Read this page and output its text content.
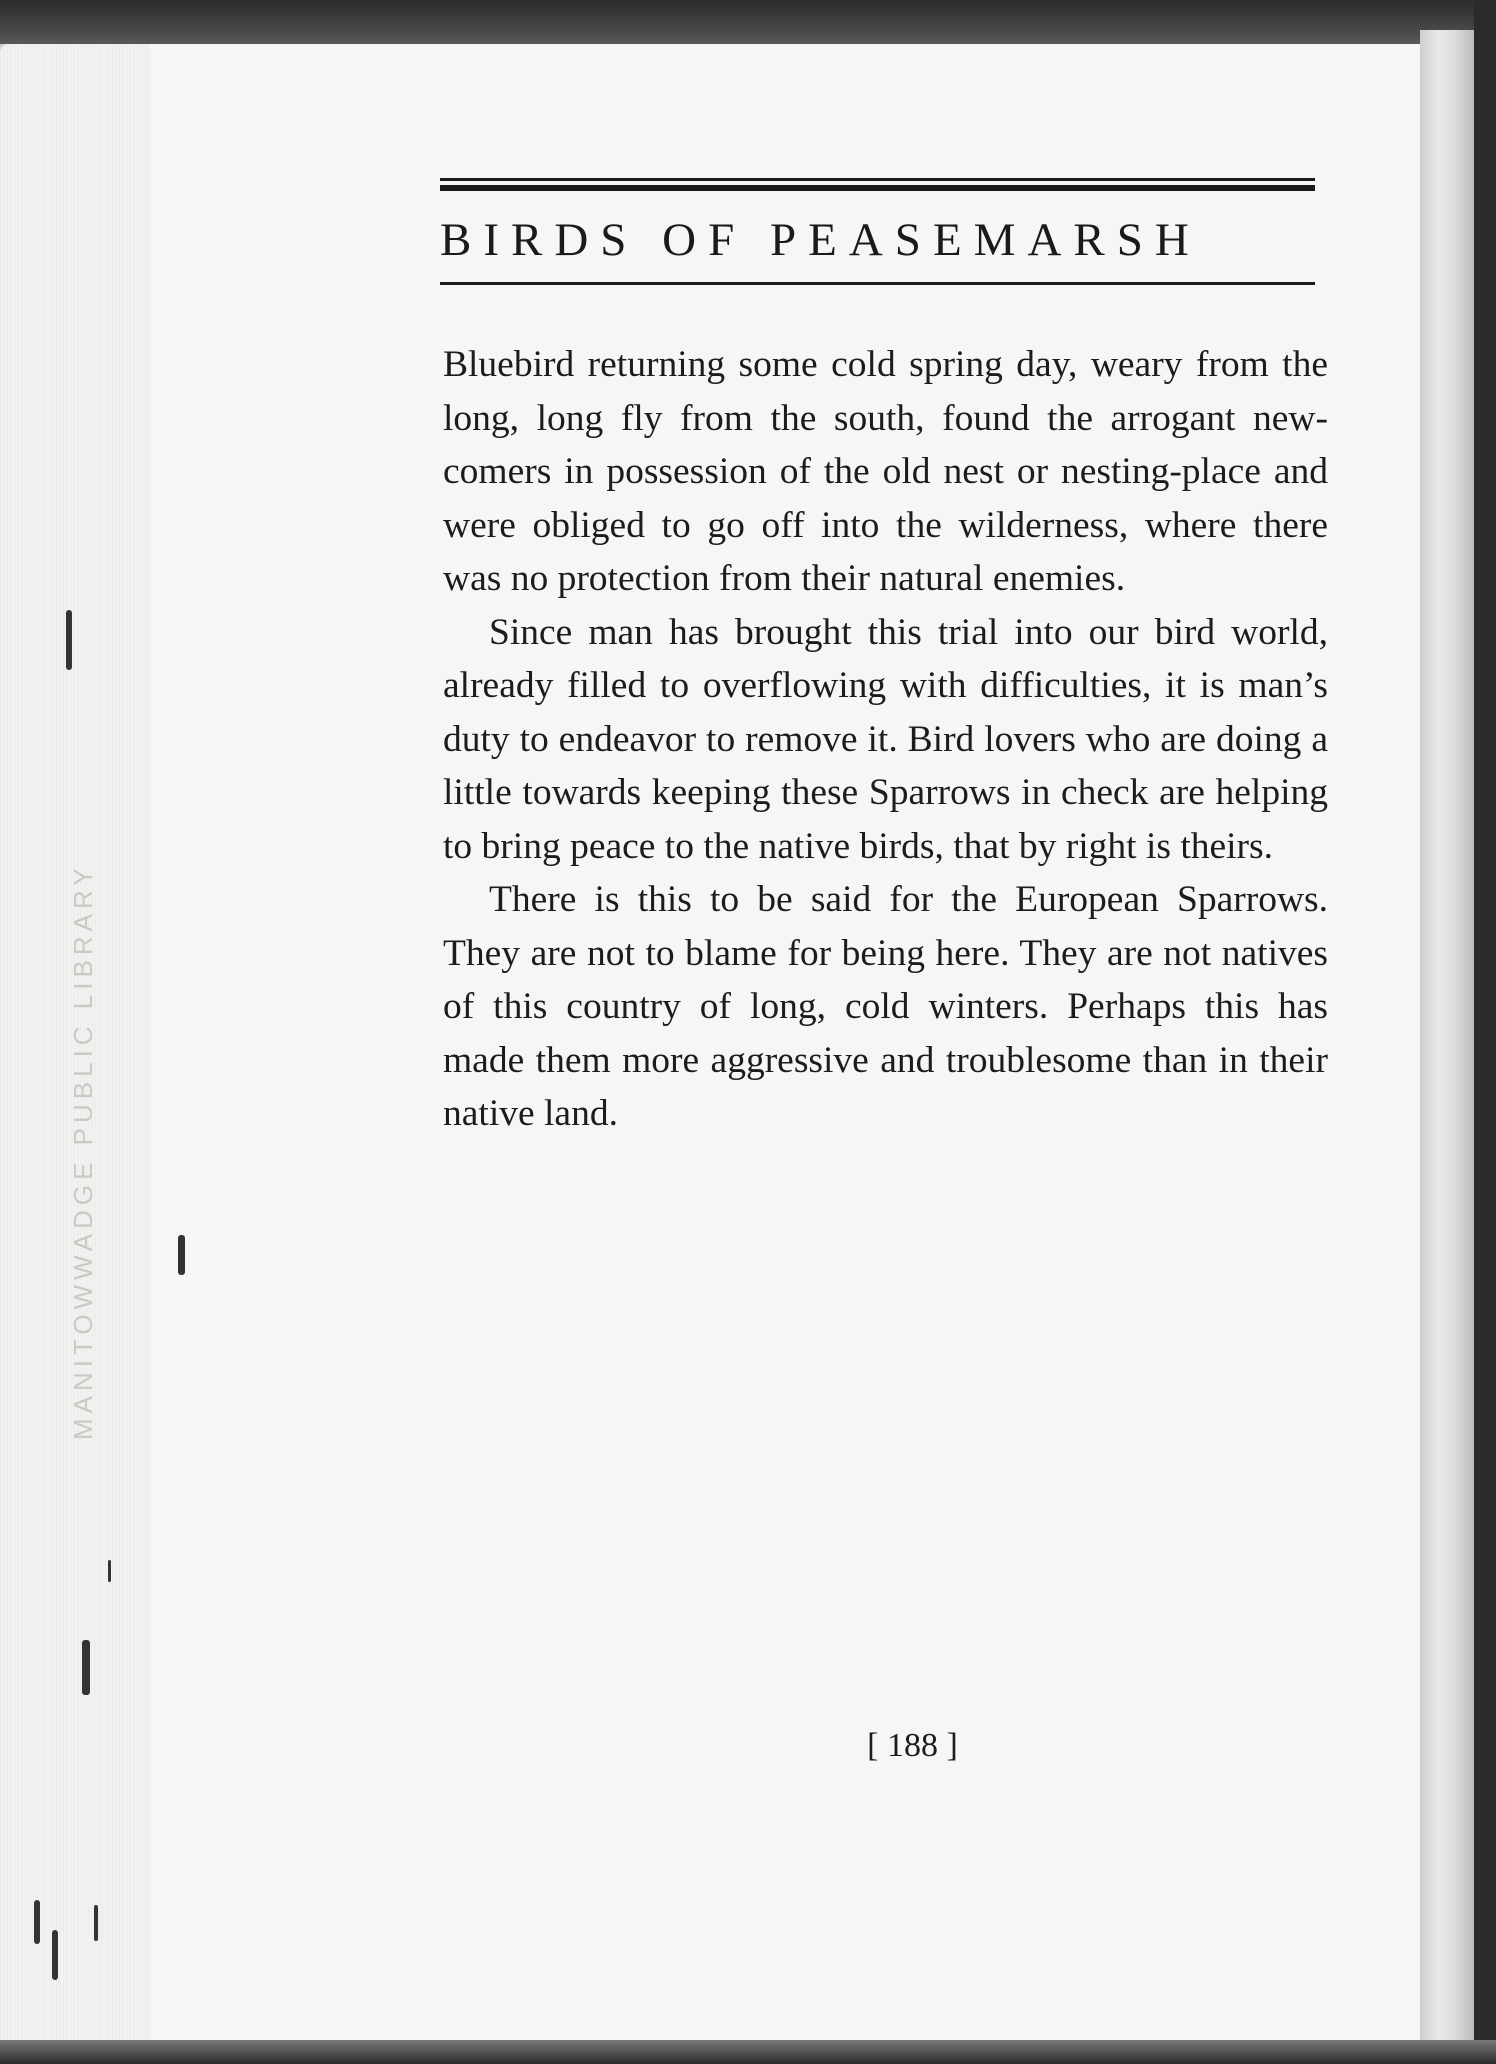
MANITOWWADGE PUBLIC LIBRARY
BIRDS OF PEASEMARSH

Bluebird returning some cold spring day, weary from the long, long fly from the south, found the arrogant new-comers in possession of the old nest or nesting-place and were obliged to go off into the wilderness, where there was no protection from their natural enemies.

Since man has brought this trial into our bird world, already filled to overflowing with difficulties, it is man’s duty to endeavor to remove it. Bird lovers who are doing a little towards keeping these Sparrows in check are helping to bring peace to the native birds, that by right is theirs.

There is this to be said for the European Sparrows. They are not to blame for being here. They are not natives of this country of long, cold winters. Perhaps this has made them more aggressive and troublesome than in their native land.

[ 188 ]
